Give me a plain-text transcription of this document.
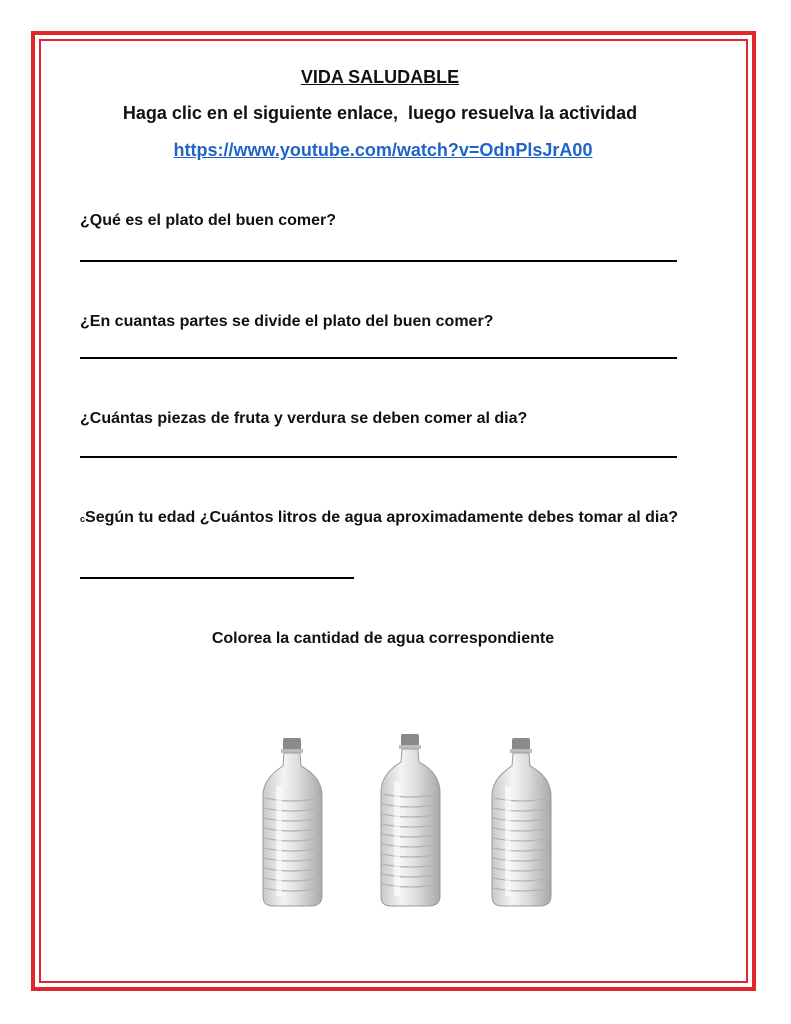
VIDA SALUDABLE
Haga clic en el siguiente enlace,  luego resuelva la actividad
https://www.youtube.com/watch?v=OdnPlsJrA00
¿Qué es el plato del buen comer?
¿En cuantas partes se divide el plato del buen comer?
¿Cuántas piezas de fruta y verdura se deben comer al dia?
cSegún tu edad ¿Cuántos litros de agua aproximadamente debes tomar al dia?
Colorea la cantidad de agua correspondiente
